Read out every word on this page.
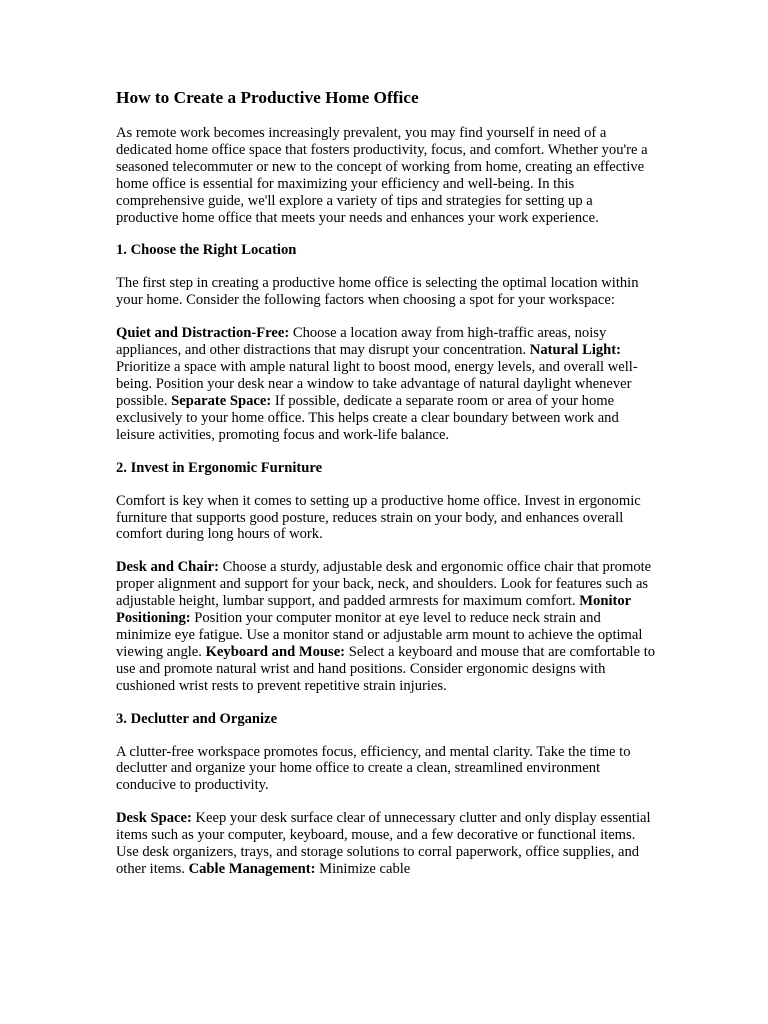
How to Create a Productive Home Office

As remote work becomes increasingly prevalent, you may find yourself in need of a dedicated home office space that fosters productivity, focus, and comfort. Whether you're a seasoned telecommuter or new to the concept of working from home, creating an effective home office is essential for maximizing your efficiency and well-being. In this comprehensive guide, we'll explore a variety of tips and strategies for setting up a productive home office that meets your needs and enhances your work experience.

1. Choose the Right Location

The first step in creating a productive home office is selecting the optimal location within your home. Consider the following factors when choosing a spot for your workspace:

Quiet and Distraction-Free: Choose a location away from high-traffic areas, noisy appliances, and other distractions that may disrupt your concentration. Natural Light: Prioritize a space with ample natural light to boost mood, energy levels, and overall well-being. Position your desk near a window to take advantage of natural daylight whenever possible. Separate Space: If possible, dedicate a separate room or area of your home exclusively to your home office. This helps create a clear boundary between work and leisure activities, promoting focus and work-life balance.

2. Invest in Ergonomic Furniture

Comfort is key when it comes to setting up a productive home office. Invest in ergonomic furniture that supports good posture, reduces strain on your body, and enhances overall comfort during long hours of work.

Desk and Chair: Choose a sturdy, adjustable desk and ergonomic office chair that promote proper alignment and support for your back, neck, and shoulders. Look for features such as adjustable height, lumbar support, and padded armrests for maximum comfort. Monitor Positioning: Position your computer monitor at eye level to reduce neck strain and minimize eye fatigue. Use a monitor stand or adjustable arm mount to achieve the optimal viewing angle. Keyboard and Mouse: Select a keyboard and mouse that are comfortable to use and promote natural wrist and hand positions. Consider ergonomic designs with cushioned wrist rests to prevent repetitive strain injuries.

3. Declutter and Organize

A clutter-free workspace promotes focus, efficiency, and mental clarity. Take the time to declutter and organize your home office to create a clean, streamlined environment conducive to productivity.

Desk Space: Keep your desk surface clear of unnecessary clutter and only display essential items such as your computer, keyboard, mouse, and a few decorative or functional items. Use desk organizers, trays, and storage solutions to corral paperwork, office supplies, and other items. Cable Management: Minimize cable
